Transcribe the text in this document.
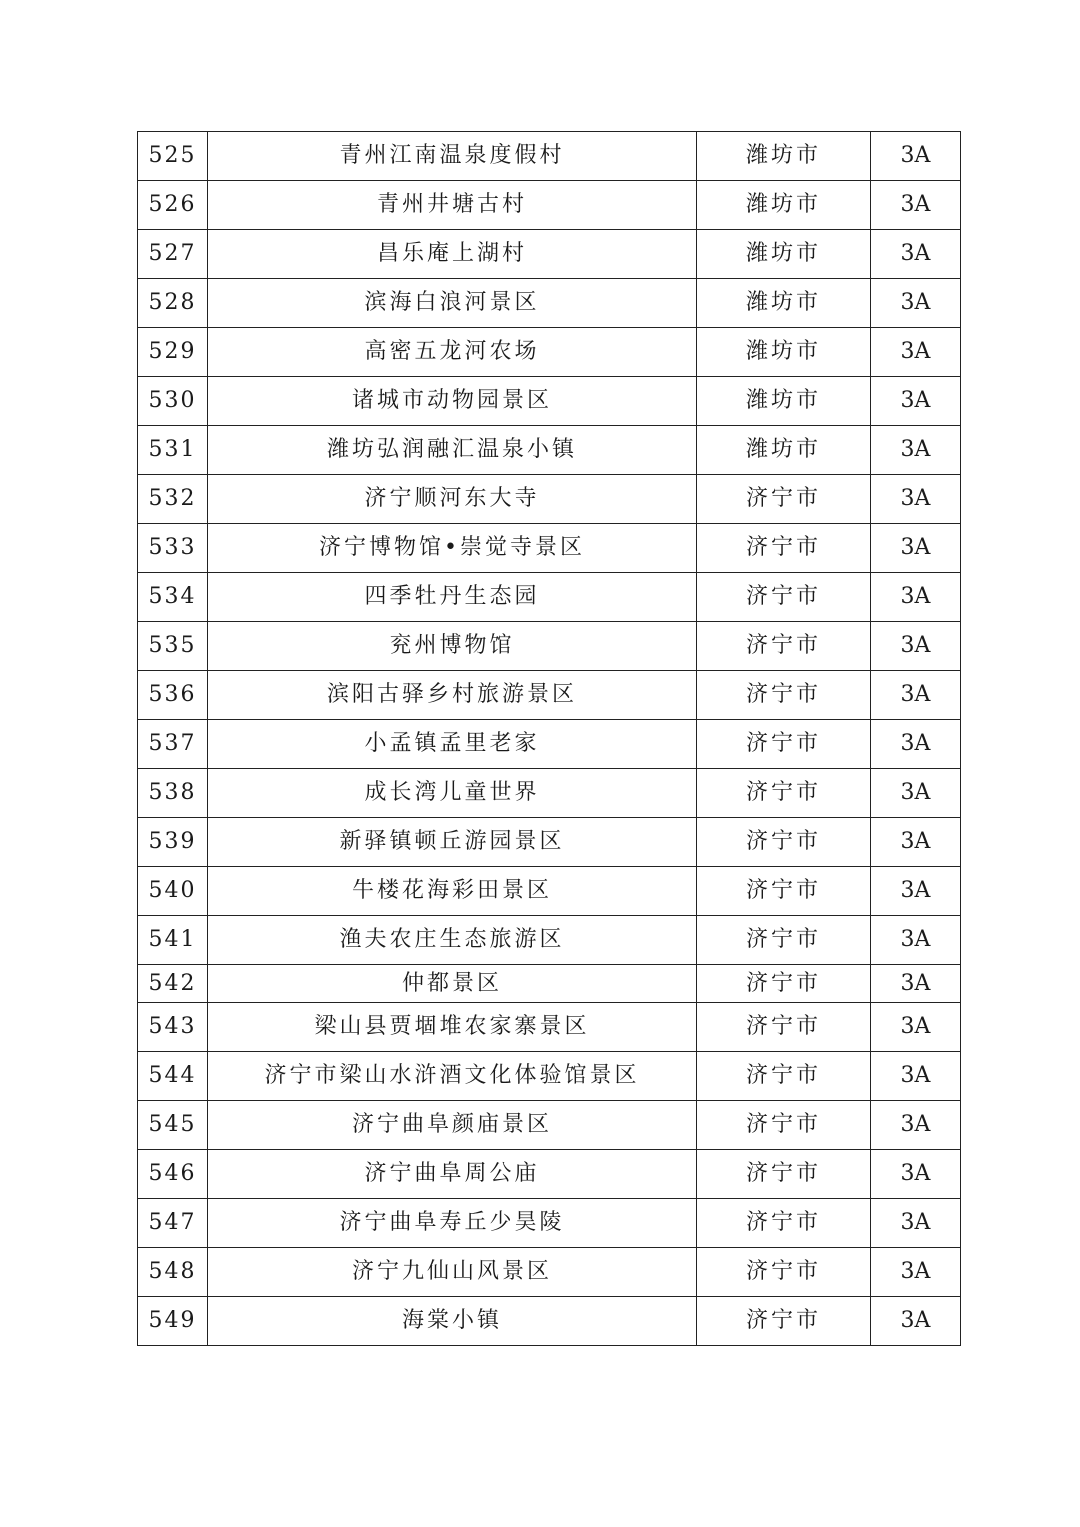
525	青州江南温泉度假村	潍坊市	3A
526	青州井塘古村	潍坊市	3A
527	昌乐庵上湖村	潍坊市	3A
528	滨海白浪河景区	潍坊市	3A
529	高密五龙河农场	潍坊市	3A
530	诸城市动物园景区	潍坊市	3A
531	潍坊弘润融汇温泉小镇	潍坊市	3A
532	济宁顺河东大寺	济宁市	3A
533	济宁博物馆•崇觉寺景区	济宁市	3A
534	四季牡丹生态园	济宁市	3A
535	兖州博物馆	济宁市	3A
536	滨阳古驿乡村旅游景区	济宁市	3A
537	小孟镇孟里老家	济宁市	3A
538	成长湾儿童世界	济宁市	3A
539	新驿镇顿丘游园景区	济宁市	3A
540	牛楼花海彩田景区	济宁市	3A
541	渔夫农庄生态旅游区	济宁市	3A
542	仲都景区	济宁市	3A
543	梁山县贾堌堆农家寨景区	济宁市	3A
544	济宁市梁山水浒酒文化体验馆景区	济宁市	3A
545	济宁曲阜颜庙景区	济宁市	3A
546	济宁曲阜周公庙	济宁市	3A
547	济宁曲阜寿丘少昊陵	济宁市	3A
548	济宁九仙山风景区	济宁市	3A
549	海棠小镇	济宁市	3A
